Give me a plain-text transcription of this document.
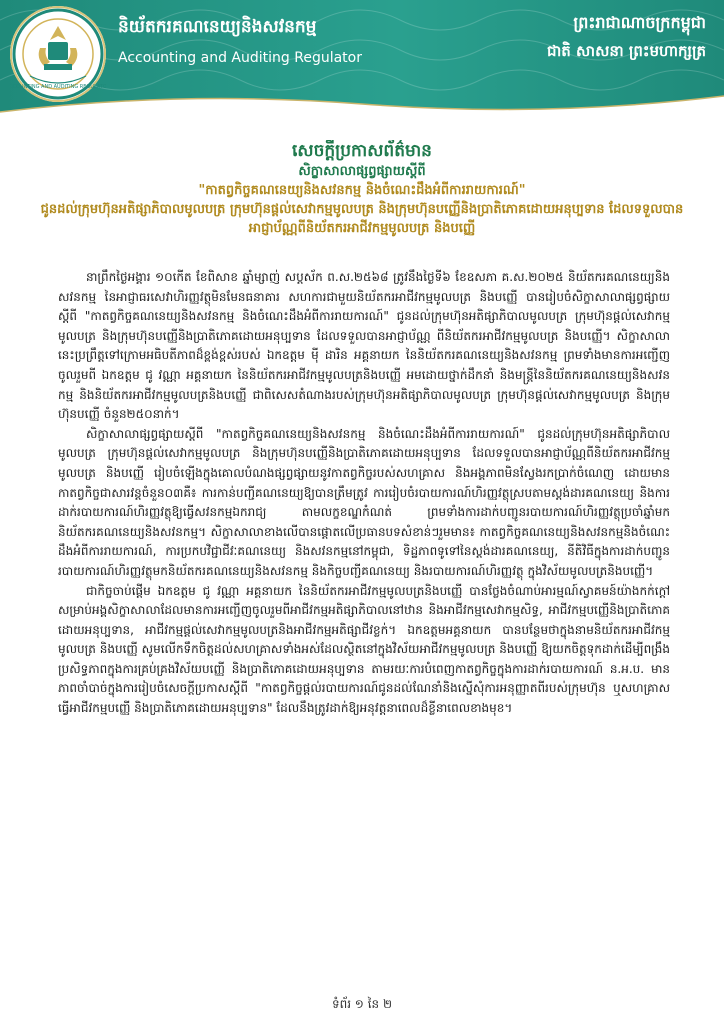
ACCOUNTING AND AUDITING REGULATOR
និយ័តករគណនេយ្យនិងសវនកម្ម
Accounting and Auditing Regulator
ព្រះរាជាណាចក្រកម្ពុជា
ជាតិ សាសនា ព្រះមហាក្សត្រ
សេចក្តីប្រកាសព័ត៌មាន
សិក្ខាសាលាផ្សព្វផ្សាយស្តីពី
"កាតព្វកិច្ចគណនេយ្យនិងសវនកម្ម និងចំណេះដឹងអំពីការរាយការណ៍"
ជូនដល់ក្រុមហ៊ុនអតិផ្សាភិបាលមូលបត្រ ក្រុមហ៊ុនផ្តល់សេវាកម្មមូលបត្រ និងក្រុមហ៊ុនបញ្ញើនិងប្រាតិភោគដោយអនុប្បទាន ដែលទទួលបានអាជ្ញាប័ណ្ណពីនិយ័តករអាជីវកម្មមូលបត្រ និងបញ្ញើ

នាព្រឹកថ្ងៃអង្គារ ១០កើត ខែពិសាខ ឆ្នាំម្សាញ់ សប្តស័ក ព.ស.២៥៦៨ ត្រូវនឹងថ្ងៃទី៦ ខែឧសភា គ.ស.២០២៥ និយ័តករគណនេយ្យនិងសវនកម្ម នៃអាជ្ញាធរសេវាហិរញ្ញវត្ថុមិនមែនធនាគារ សហការជាមួយនិយ័តករអាជីវកម្មមូលបត្រ និងបញ្ញើ បានរៀបចំសិក្ខាសាលាផ្សព្វផ្សាយស្តីពី "កាតព្វកិច្ចគណនេយ្យនិងសវនកម្ម និងចំណេះដឹងអំពីការរាយការណ៍" ជូនដល់ក្រុមហ៊ុនអតិផ្សាភិបាលមូលបត្រ ក្រុមហ៊ុនផ្តល់សេវាកម្មមូលបត្រ និងក្រុមហ៊ុនបញ្ញើនិងប្រាតិភោគដោយអនុប្បទាន ដែលទទួលបានអាជ្ញាប័ណ្ណ ពីនិយ័តករអាជីវកម្មមូលបត្រ និងបញ្ញើ។ សិក្ខាសាលានេះប្រព្រឹត្តទៅក្រោមអធិបតីភាពដ៏ខ្ពង់ខ្ពស់របស់ ឯកឧត្តម ម៉ី ដារិន អគ្គនាយក នៃនិយ័តករគណនេយ្យនិងសវនកម្ម ព្រមទាំងមានការអញ្ជើញចូលរួមពី ឯកឧត្តម ជូ វណ្ណា អគ្គនាយក នៃនិយ័តករអាជីវកម្មមូលបត្រនិងបញ្ញើ អមដោយថ្នាក់ដឹកនាំ និងមន្ត្រីនៃនិយ័តករគណនេយ្យនិងសវនកម្ម និងនិយ័តករអាជីវកម្មមូលបត្រនិងបញ្ញើ ជាពិសេសតំណាងរបស់ក្រុមហ៊ុនអតិផ្សាភិបាលមូលបត្រ ក្រុមហ៊ុនផ្តល់សេវាកម្មមូលបត្រ និងក្រុមហ៊ុនបញ្ញើ ចំនួន២៥០នាក់។

សិក្ខាសាលាផ្សព្វផ្សាយស្តីពី "កាតព្វកិច្ចគណនេយ្យនិងសវនកម្ម និងចំណេះដឹងអំពីការរាយការណ៍" ជូនដល់ក្រុមហ៊ុនអតិផ្សាភិបាលមូលបត្រ ក្រុមហ៊ុនផ្តល់សេវាកម្មមូលបត្រ និងក្រុមហ៊ុនបញ្ញើនិងប្រាតិភោគដោយអនុប្បទាន ដែលទទួលបានអាជ្ញាប័ណ្ណពីនិយ័តករអាជីវកម្មមូលបត្រ និងបញ្ញើ រៀបចំឡើងក្នុងគោលបំណងផ្សព្វផ្សាយនូវកាតព្វកិច្ចរបស់សហគ្រាស និងអង្គភាពមិនស្វែងរកប្រាក់ចំណេញ ដោយមានកាតព្វកិច្ចជាសារវន្តចំនួន០៣គឺ៖ ការកាន់បញ្ជីគណនេយ្យឱ្យបានត្រឹមត្រូវ ការរៀបចំរបាយការណ៍ហិរញ្ញវត្ថុស្របតាមស្តង់ដារគណនេយ្យ និងការដាក់របាយការណ៍ហិរញ្ញវត្ថុឱ្យធ្វើសវនកម្មឯករាជ្យ តាមលក្ខខណ្ឌកំណត់ ព្រមទាំងការដាក់បញ្ជូនរបាយការណ៍ហិរញ្ញវត្ថុប្រចាំឆ្នាំមកនិយ័តករគណនេយ្យនិងសវនកម្ម។ សិក្ខាសាលាខាងលើបានផ្តោតលើប្រធានបទសំខាន់ៗរួមមាន៖ កាតព្វកិច្ចគណនេយ្យនិងសវនកម្មនិងចំណេះដឹងអំពីការរាយការណ៍, ការប្រកបវិជ្ជាជីវៈគណនេយ្យ និងសវនកម្មនៅកម្ពុជា, ទិដ្ឋភាពទូទៅនៃស្តង់ដារគណនេយ្យ, នីតិវិធីក្នុងការដាក់បញ្ជូនរបាយការណ៍ហិរញ្ញវត្ថុមកនិយ័តករគណនេយ្យនិងសវនកម្ម និងកិច្ចបញ្ជីគណនេយ្យ និងរបាយការណ៍ហិរញ្ញវត្ថុ ក្នុងវិស័យមូលបត្រនិងបញ្ញើ។

ជាកិច្ចចាប់ផ្តើម ឯកឧត្តម ជូ វណ្ណា អគ្គនាយក នៃនិយ័តករអាជីវកម្មមូលបត្រនិងបញ្ញើ បានថ្លែងចំណាប់អារម្មណ៍ស្វាគមន៍យ៉ាងកក់ក្តៅសម្រាប់អង្គសិក្ខាសាលាដែលមានការអញ្ជើញចូលរួមពីអាជីវកម្មអតិផ្សាភិបាលនៅឋាន និងអាជីវកម្មសេវាកម្មសិទ្ធ, អាជីវកម្មបញ្ញើនិងប្រាតិភោគដោយអនុប្បទាន, អាជីវកម្មផ្តល់សេវាកម្មមូលបត្រនិងអាជីវកម្មអតិផ្សាជីវខ្លក់។ ឯកឧត្តមអគ្គនាយក បានបន្ថែមថាក្នុងនាមនិយ័តករអាជីវកម្មមូលបត្រ និងបញ្ញើ សូមលើកទឹកចិត្តដល់សហគ្រាសទាំងអស់ដែលស្ថិតនៅក្នុងវិស័យអាជីវកម្មមូលបត្រ និងបញ្ញើ ឱ្យយកចិត្តទុកដាក់ដើម្បីពង្រឹងប្រសិទ្ធភាពក្នុងការគ្រប់គ្រងវិស័យបញ្ញើ និងប្រាតិភោគដោយអនុប្បទាន តាមរយៈការបំពេញកាតព្វកិច្ចក្នុងការដាក់របាយការណ៍ ន.អ.ប. មានភាពចាំបាច់ក្នុងការរៀបចំសេចក្តីប្រកាសស្តីពី "កាតព្វកិច្ចផ្តល់របាយការណ៍ជូនដល់ណែនាំនិងស្នើសុំការអនុញ្ញាតពីរបស់ក្រុមហ៊ុន ឬសហគ្រាសធ្វើអាជីវកម្មបញ្ញើ និងប្រាតិភោគដោយអនុប្បទាន" ដែលនឹងត្រូវដាក់ឱ្យអនុវត្តនាពេលដ៏ខ្លីនាពេលខាងមុខ។

ទំព័រ ១ នៃ ២
